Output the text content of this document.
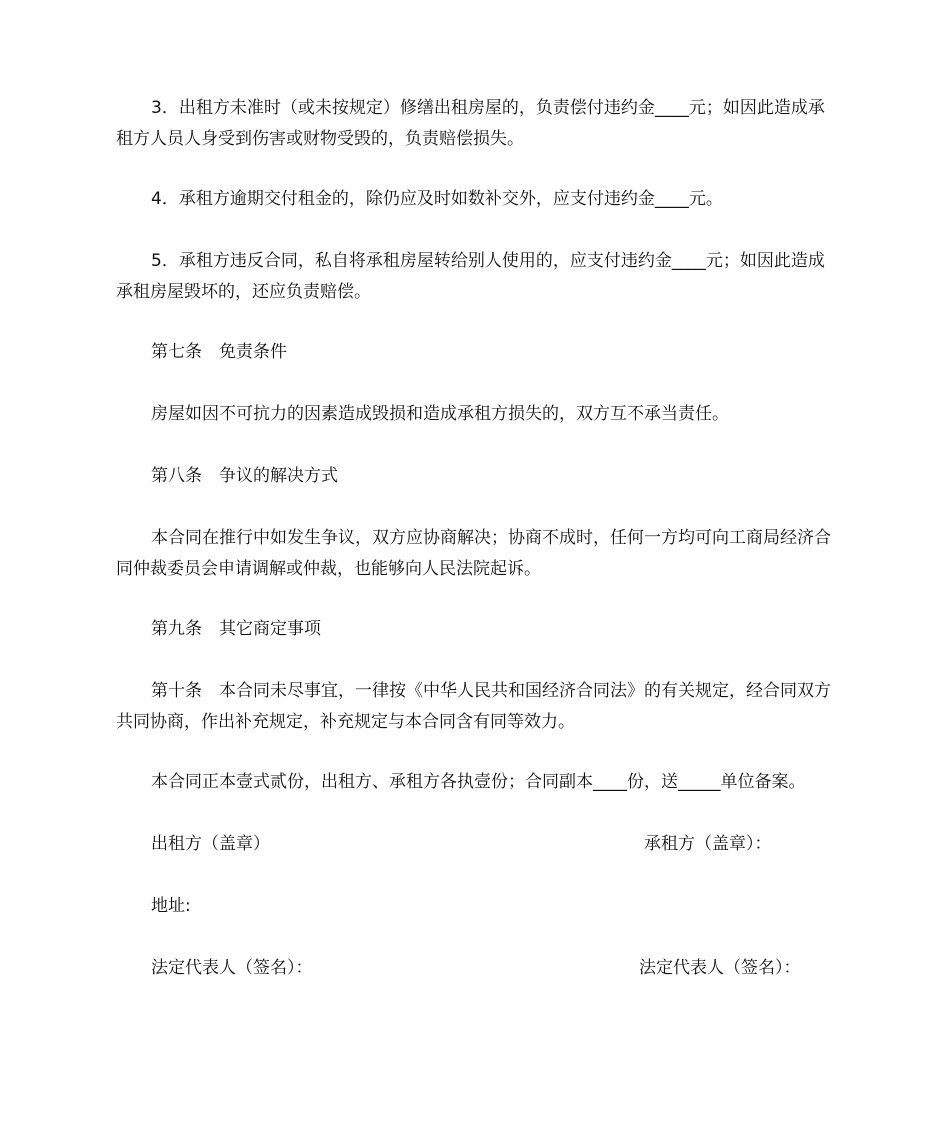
3．出租方未准时（或未按规定）修缮出租房屋的，负责偿付违约金____元；如因此造成承租方人员人身受到伤害或财物受毁的，负责赔偿损失。

4．承租方逾期交付租金的，除仍应及时如数补交外，应支付违约金____元。

5．承租方违反合同，私自将承租房屋转给别人使用的，应支付违约金____元；如因此造成承租房屋毁坏的，还应负责赔偿。

第七条　免责条件

房屋如因不可抗力的因素造成毁损和造成承租方损失的，双方互不承当责任。

第八条　争议的解决方式

本合同在推行中如发生争议，双方应协商解决；协商不成时，任何一方均可向工商局经济合同仲裁委员会申请调解或仲裁，也能够向人民法院起诉。

第九条　其它商定事项

第十条　本合同未尽事宜，一律按《中华人民共和国经济合同法》的有关规定，经合同双方共同协商，作出补充规定，补充规定与本合同含有同等效力。

本合同正本壹式贰份，出租方、承租方各执壹份；合同副本____份，送_____单位备案。

出租方（盖章）	承租方（盖章）：
地址:
法定代表人（签名）：	法定代表人（签名）：
